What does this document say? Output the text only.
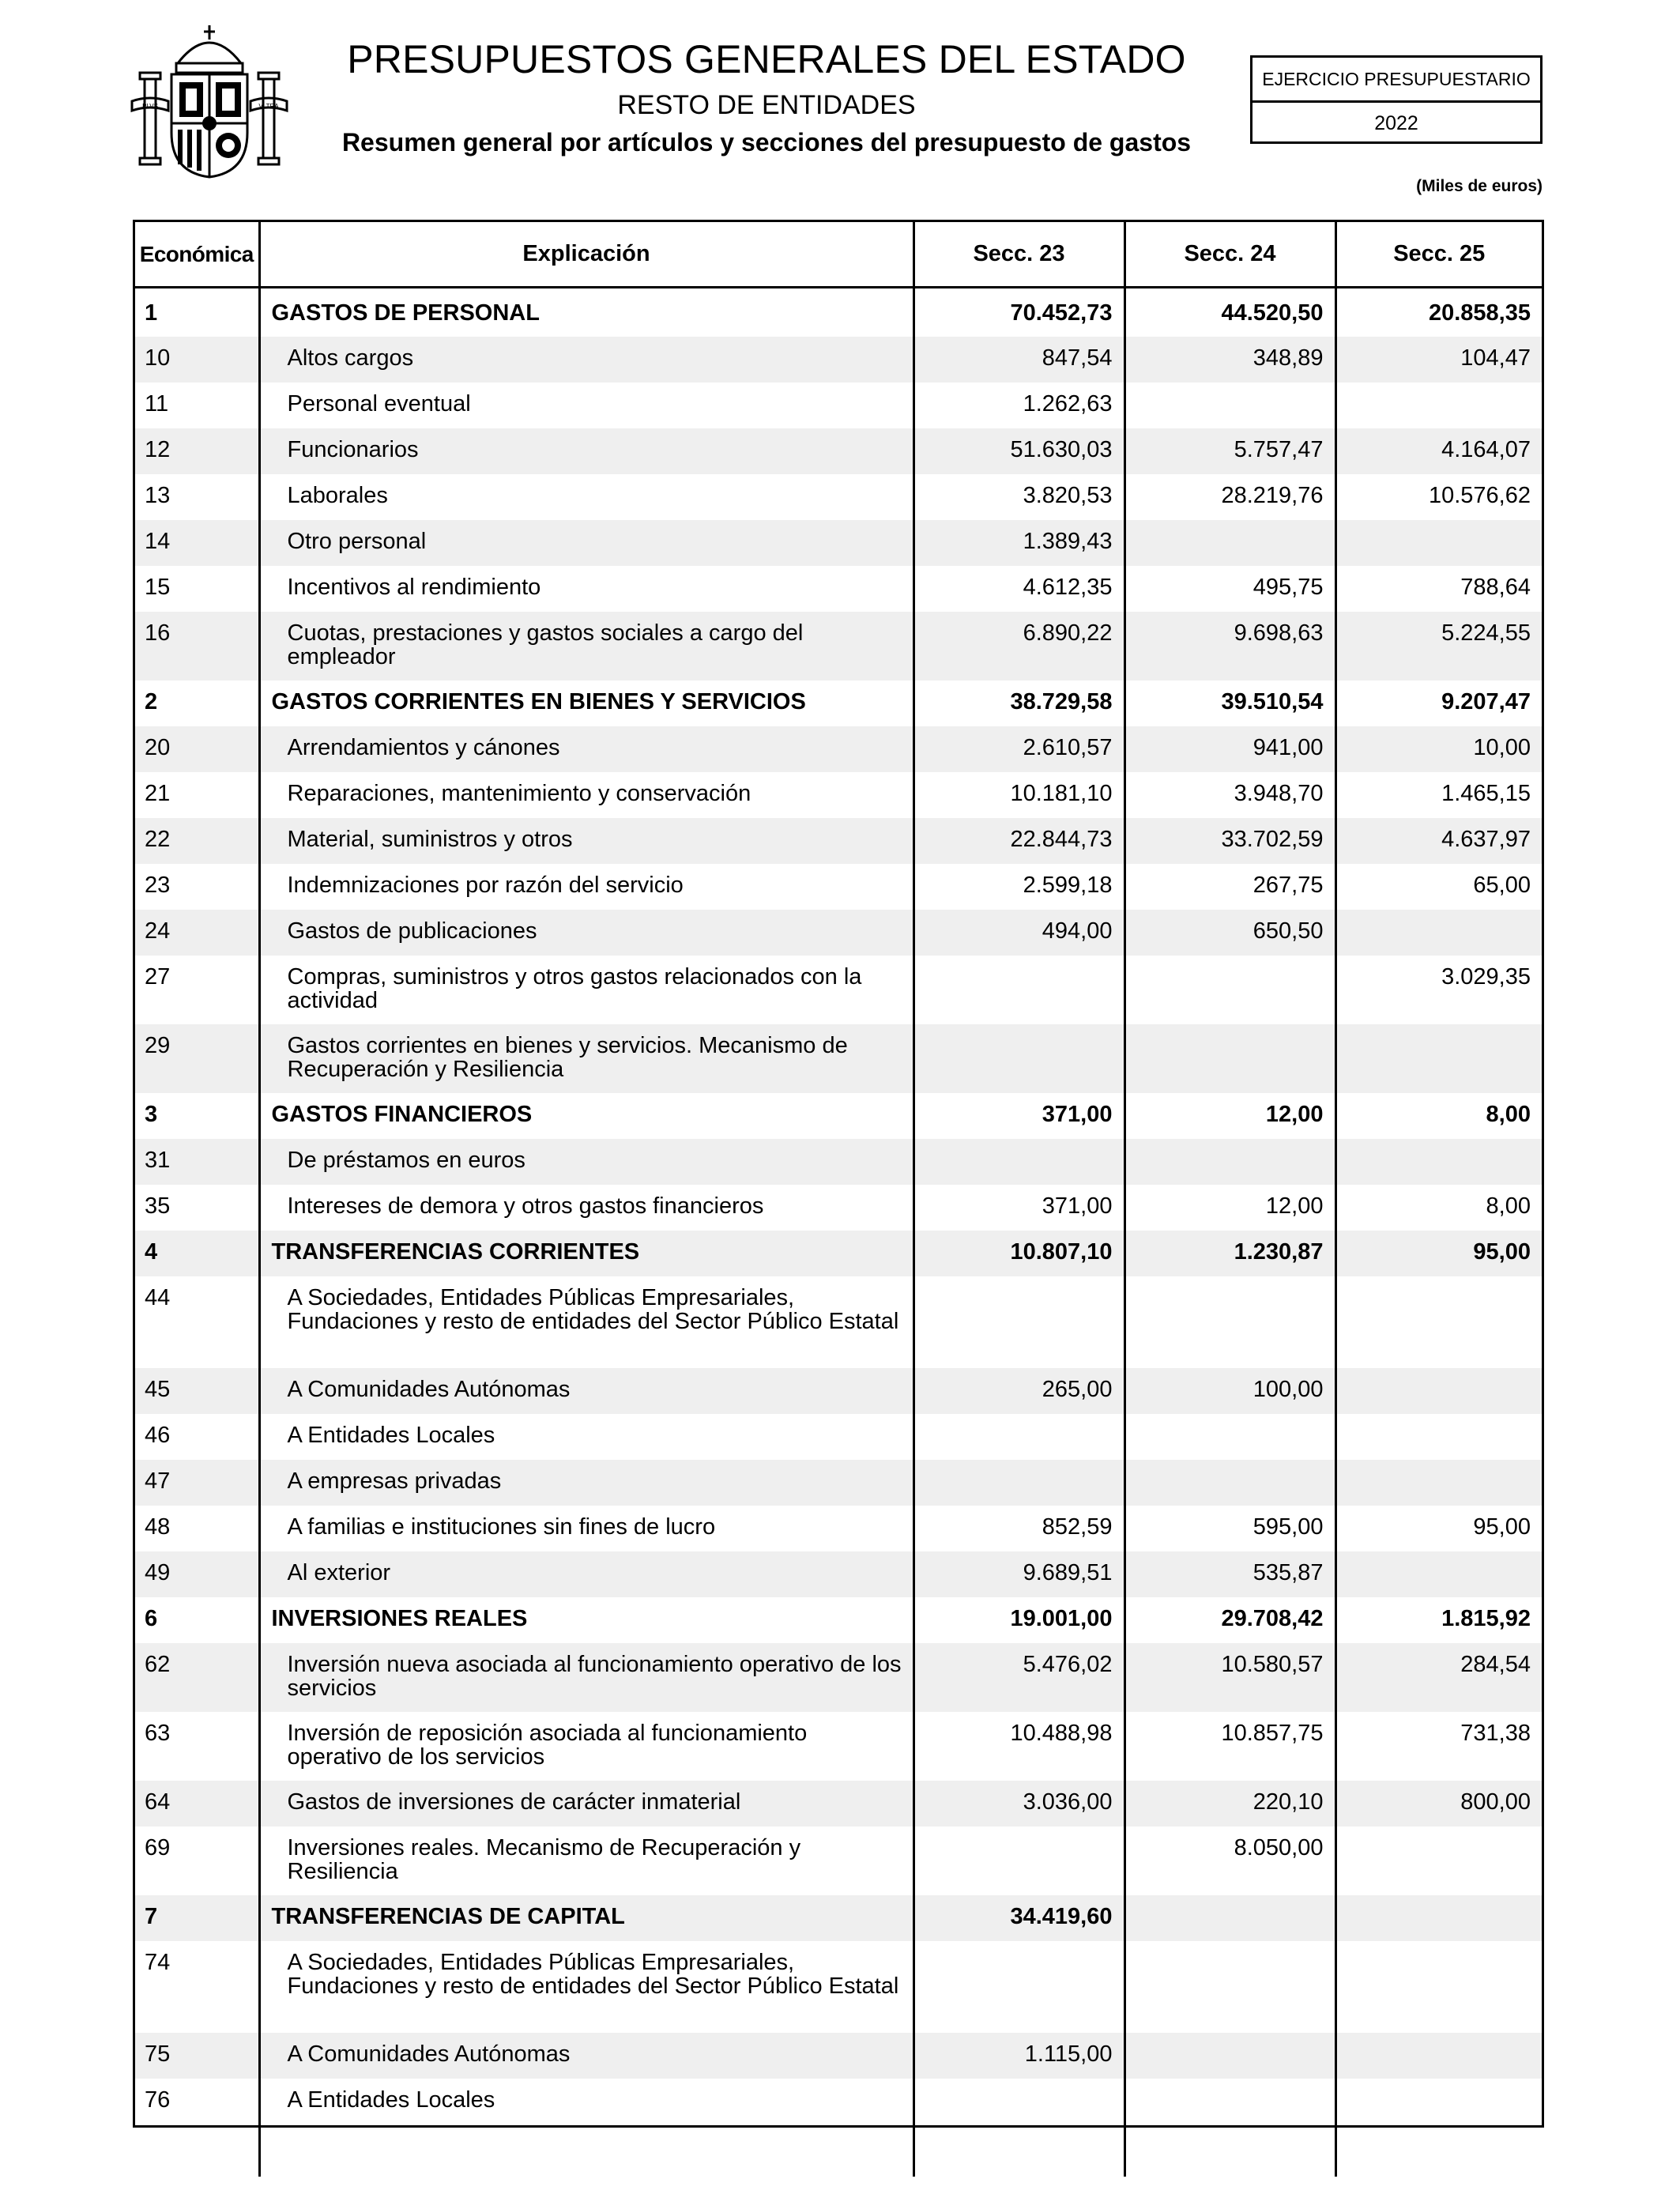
PLVS	VLTRA
PRESUPUESTOS GENERALES DEL ESTADO
RESTO DE ENTIDADES
Resumen general por artículos y secciones del presupuesto de gastos
EJERCICIO PRESUPUESTARIO
2022
(Miles de euros)
Económica	Explicación	Secc. 23	Secc. 24	Secc. 25
1	GASTOS DE PERSONAL	70.452,73	44.520,50	20.858,35
10	Altos cargos	847,54	348,89	104,47
11	Personal eventual	1.262,63		
12	Funcionarios	51.630,03	5.757,47	4.164,07
13	Laborales	3.820,53	28.219,76	10.576,62
14	Otro personal	1.389,43		
15	Incentivos al rendimiento	4.612,35	495,75	788,64
16	Cuotas, prestaciones y gastos sociales a cargo del empleador	6.890,22	9.698,63	5.224,55
2	GASTOS CORRIENTES EN BIENES Y SERVICIOS	38.729,58	39.510,54	9.207,47
20	Arrendamientos y cánones	2.610,57	941,00	10,00
21	Reparaciones, mantenimiento y conservación	10.181,10	3.948,70	1.465,15
22	Material, suministros y otros	22.844,73	33.702,59	4.637,97
23	Indemnizaciones por razón del servicio	2.599,18	267,75	65,00
24	Gastos de publicaciones	494,00	650,50	
27	Compras, suministros y otros gastos relacionados con la actividad			3.029,35
29	Gastos corrientes en bienes y servicios. Mecanismo de Recuperación y Resiliencia			
3	GASTOS FINANCIEROS	371,00	12,00	8,00
31	De préstamos en euros			
35	Intereses de demora y otros gastos financieros	371,00	12,00	8,00
4	TRANSFERENCIAS CORRIENTES	10.807,10	1.230,87	95,00
44	A Sociedades, Entidades Públicas Empresariales, Fundaciones y resto de entidades del Sector Público Estatal			
45	A Comunidades Autónomas	265,00	100,00	
46	A Entidades Locales			
47	A empresas privadas			
48	A familias e instituciones sin fines de lucro	852,59	595,00	95,00
49	Al exterior	9.689,51	535,87	
6	INVERSIONES REALES	19.001,00	29.708,42	1.815,92
62	Inversión nueva asociada al funcionamiento operativo de los servicios	5.476,02	10.580,57	284,54
63	Inversión de reposición asociada al funcionamiento operativo de los servicios	10.488,98	10.857,75	731,38
64	Gastos de inversiones de carácter inmaterial	3.036,00	220,10	800,00
69	Inversiones reales. Mecanismo de Recuperación y Resiliencia		8.050,00	
7	TRANSFERENCIAS DE CAPITAL	34.419,60		
74	A Sociedades, Entidades Públicas Empresariales, Fundaciones y resto de entidades del Sector Público Estatal			
75	A Comunidades Autónomas	1.115,00		
76	A Entidades Locales			
